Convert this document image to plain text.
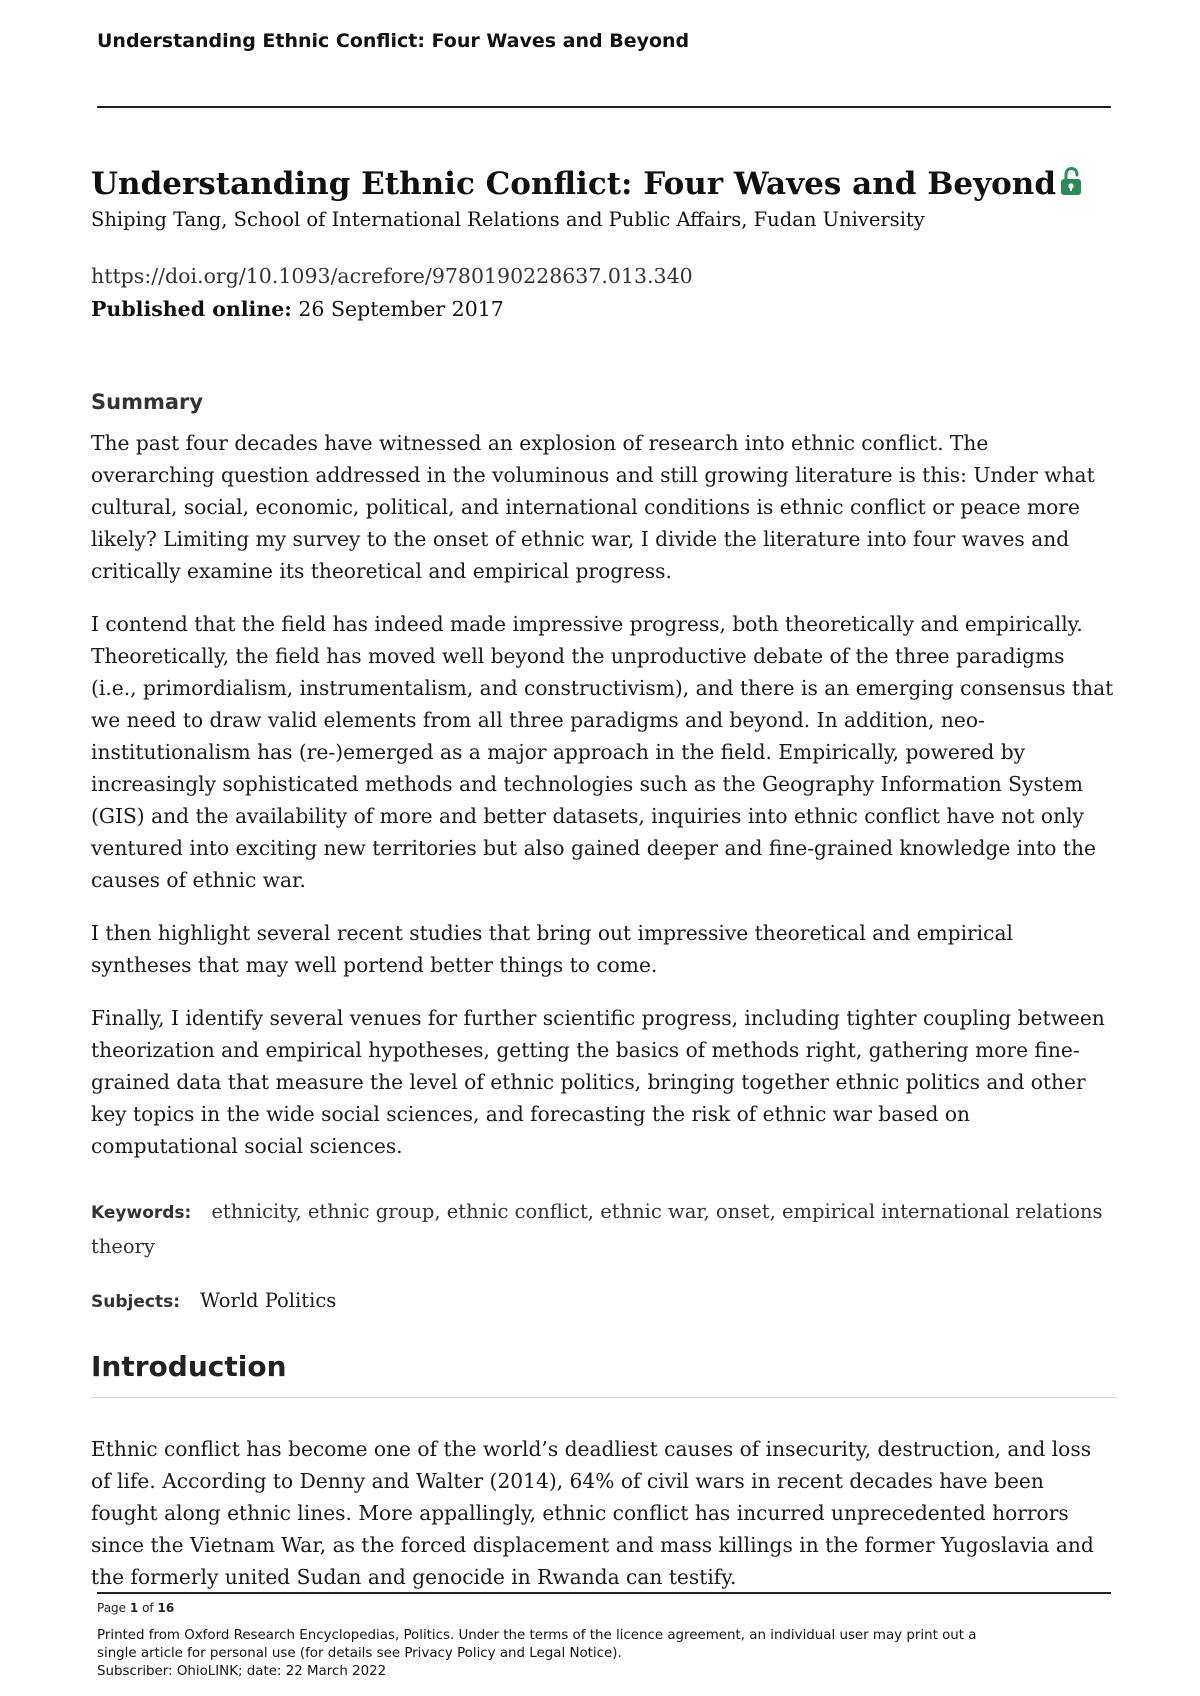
Understanding Ethnic Conflict: Four Waves and Beyond
Understanding Ethnic Conflict: Four Waves and Beyond
Shiping Tang, School of International Relations and Public Affairs, Fudan University
https://doi.org/10.1093/acrefore/9780190228637.013.340
Published online: 26 September 2017
Summary

The past four decades have witnessed an explosion of research into ethnic conflict. The overarching question addressed in the voluminous and still growing literature is this: Under what cultural, social, economic, political, and international conditions is ethnic conflict or peace more likely? Limiting my survey to the onset of ethnic war, I divide the literature into four waves and critically examine its theoretical and empirical progress.

I contend that the field has indeed made impressive progress, both theoretically and empirically. Theoretically, the field has moved well beyond the unproductive debate of the three paradigms (i.e., primordialism, instrumentalism, and constructivism), and there is an emerging consensus that we need to draw valid elements from all three paradigms and beyond. In addition, neo-institutionalism has (re-)emerged as a major approach in the field. Empirically, powered by increasingly sophisticated methods and technologies such as the Geography Information System (GIS) and the availability of more and better datasets, inquiries into ethnic conflict have not only ventured into exciting new territories but also gained deeper and fine-grained knowledge into the causes of ethnic war.

I then highlight several recent studies that bring out impressive theoretical and empirical syntheses that may well portend better things to come.

Finally, I identify several venues for further scientific progress, including tighter coupling between theorization and empirical hypotheses, getting the basics of methods right, gathering more fine-grained data that measure the level of ethnic politics, bringing together ethnic politics and other key topics in the wide social sciences, and forecasting the risk of ethnic war based on computational social sciences.

Keywords: ethnicity, ethnic group, ethnic conflict, ethnic war, onset, empirical international relations theory
Subjects: World Politics
Introduction

Ethnic conflict has become one of the world’s deadliest causes of insecurity, destruction, and loss of life. According to Denny and Walter (2014), 64% of civil wars in recent decades have been fought along ethnic lines. More appallingly, ethnic conflict has incurred unprecedented horrors since the Vietnam War, as the forced displacement and mass killings in the former Yugoslavia and the formerly united Sudan and genocide in Rwanda can testify.

Page 1 of 16
Printed from Oxford Research Encyclopedias, Politics. Under the terms of the licence agreement, an individual user may print out a
single article for personal use (for details see Privacy Policy and Legal Notice).
Subscriber: OhioLINK; date: 22 March 2022
